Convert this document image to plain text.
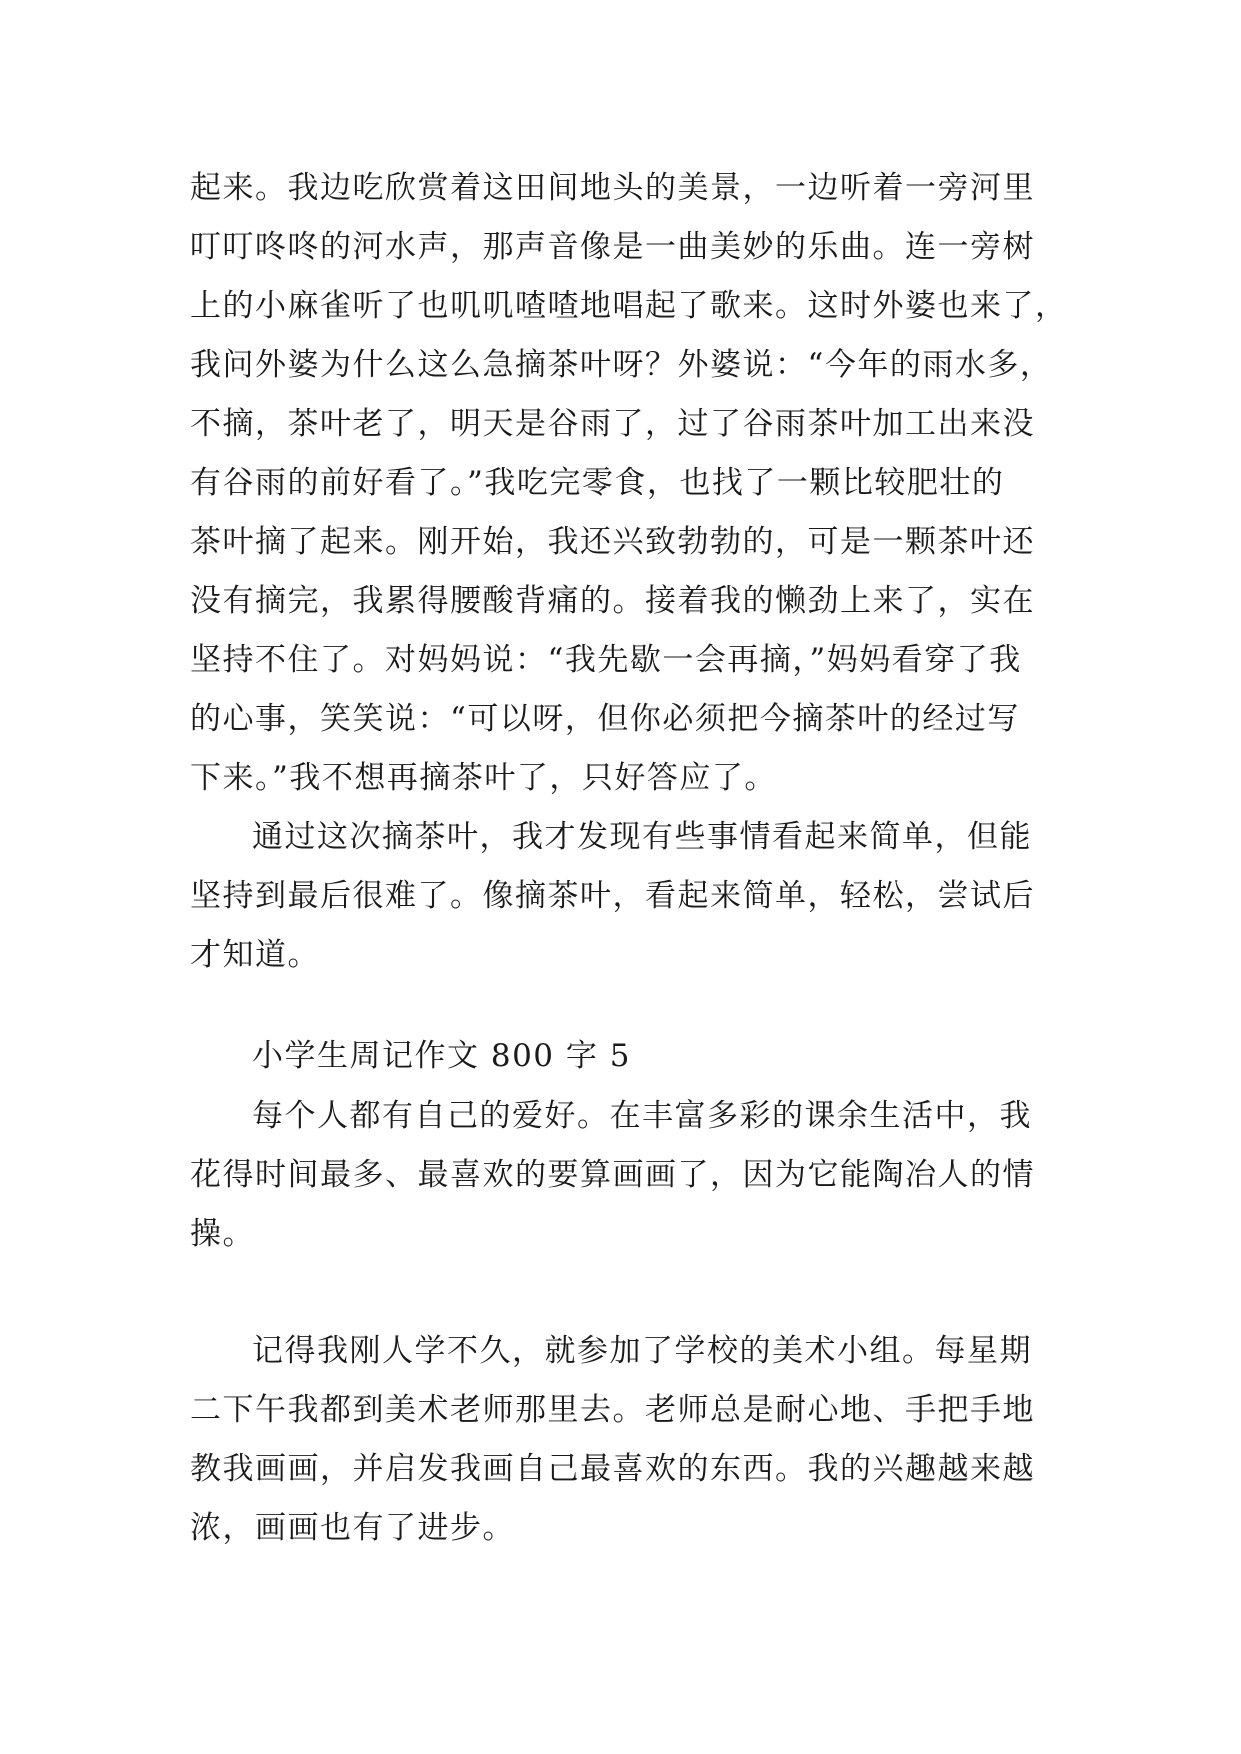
起来。我边吃欣赏着这田间地头的美景，一边听着一旁河里
叮叮咚咚的河水声，那声音像是一曲美妙的乐曲。连一旁树
上的小麻雀听了也叽叽喳喳地唱起了歌来。这时外婆也来了，
我问外婆为什么这么急摘茶叶呀？外婆说：“今年的雨水多，
不摘，茶叶老了，明天是谷雨了，过了谷雨茶叶加工出来没
有谷雨的前好看了。”我吃完零食，也找了一颗比较肥壮的
茶叶摘了起来。刚开始，我还兴致勃勃的，可是一颗茶叶还
没有摘完，我累得腰酸背痛的。接着我的懒劲上来了，实在
坚持不住了。对妈妈说：“我先歇一会再摘，”妈妈看穿了我
的心事，笑笑说：“可以呀，但你必须把今摘茶叶的经过写
下来。”我不想再摘茶叶了，只好答应了。
通过这次摘茶叶，我才发现有些事情看起来简单，但能
坚持到最后很难了。像摘茶叶，看起来简单，轻松，尝试后
才知道。
小学生周记作文 800 字 5
每个人都有自己的爱好。在丰富多彩的课余生活中，我
花得时间最多、最喜欢的要算画画了，因为它能陶冶人的情
操。
记得我刚人学不久，就参加了学校的美术小组。每星期
二下午我都到美术老师那里去。老师总是耐心地、手把手地
教我画画，并启发我画自己最喜欢的东西。我的兴趣越来越
浓，画画也有了进步。
